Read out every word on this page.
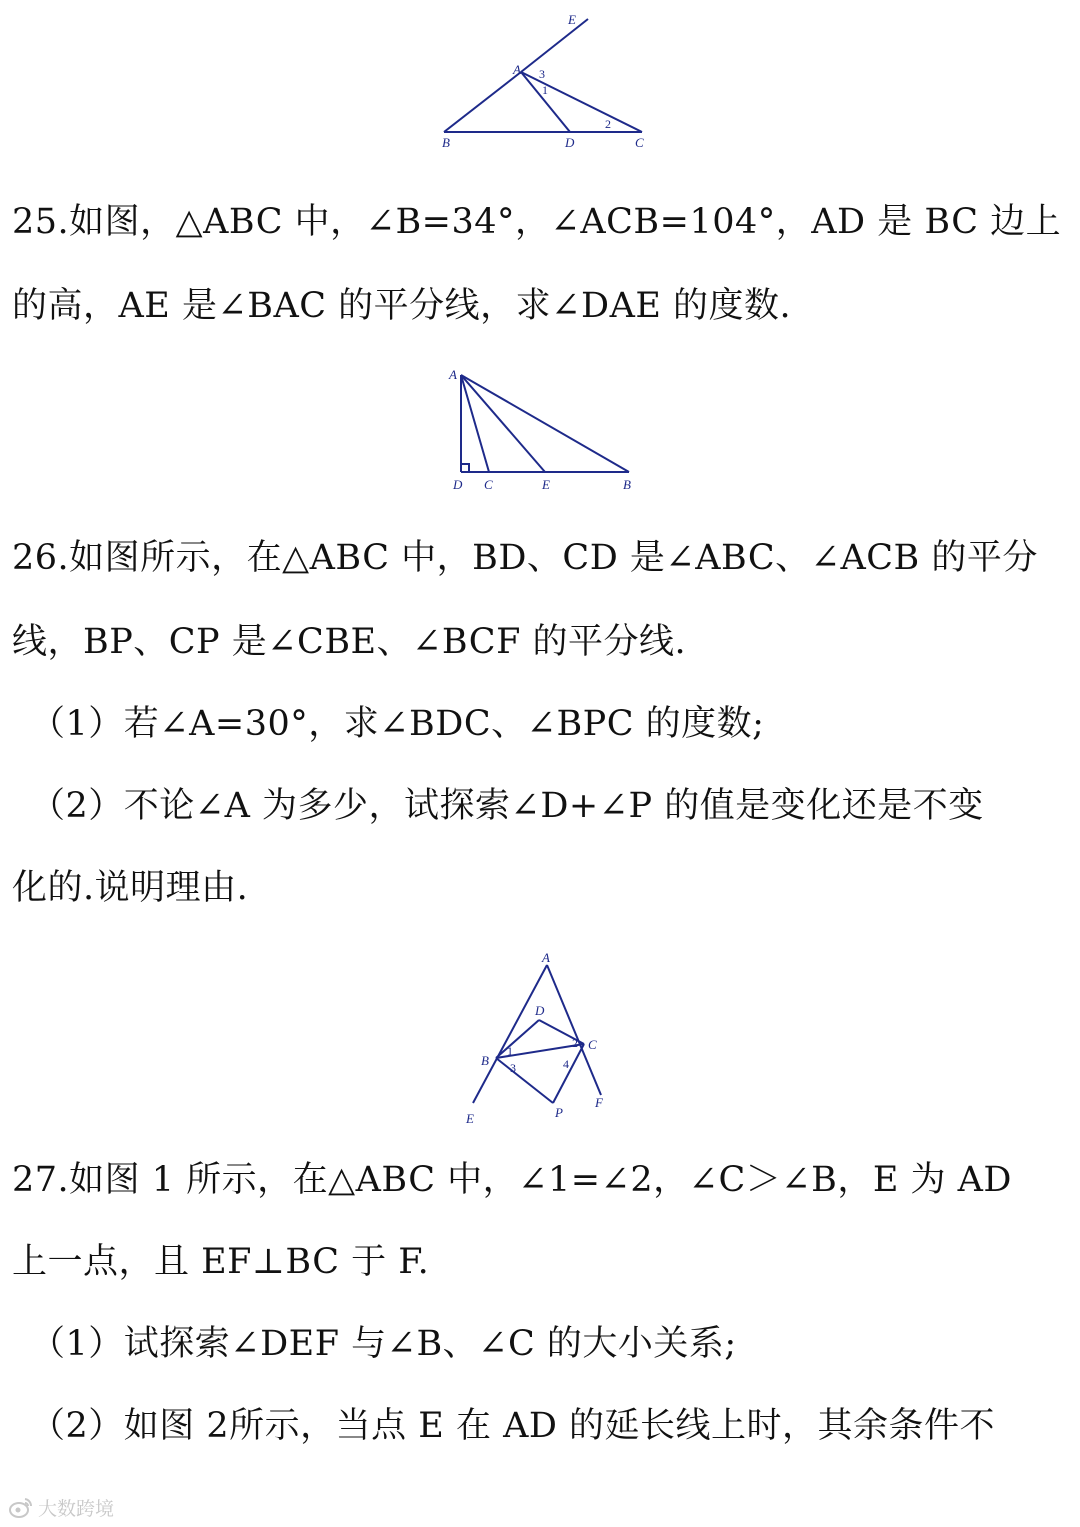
E
A 3
1
2
B	D	C
25.如图，△ABC 中，∠B=34°，∠ACB=104°，AD 是 BC 边上
的高，AE 是∠BAC 的平分线，求∠DAE 的度数.
A
D C	E	B
26.如图所示，在△ABC 中，BD、CD 是∠ABC、∠ACB 的平分
线，BP、CP 是∠CBE、∠BCF 的平分线.
（1）若∠A=30°，求∠BDC、∠BPC 的度数;
（2）不论∠A 为多少，试探索∠D+∠P 的值是变化还是不变
化的.说明理由.
A
D
B
C
1
2
3	4
P
E
F
27.如图 1 所示，在△ABC 中，∠1=∠2，∠C＞∠B，E 为 AD
上一点，且 EF⊥BC 于 F.
（1）试探索∠DEF 与∠B、∠C 的大小关系;
（2）如图 2所示，当点 E 在 AD 的延长线上时，其余条件不
大数跨境
